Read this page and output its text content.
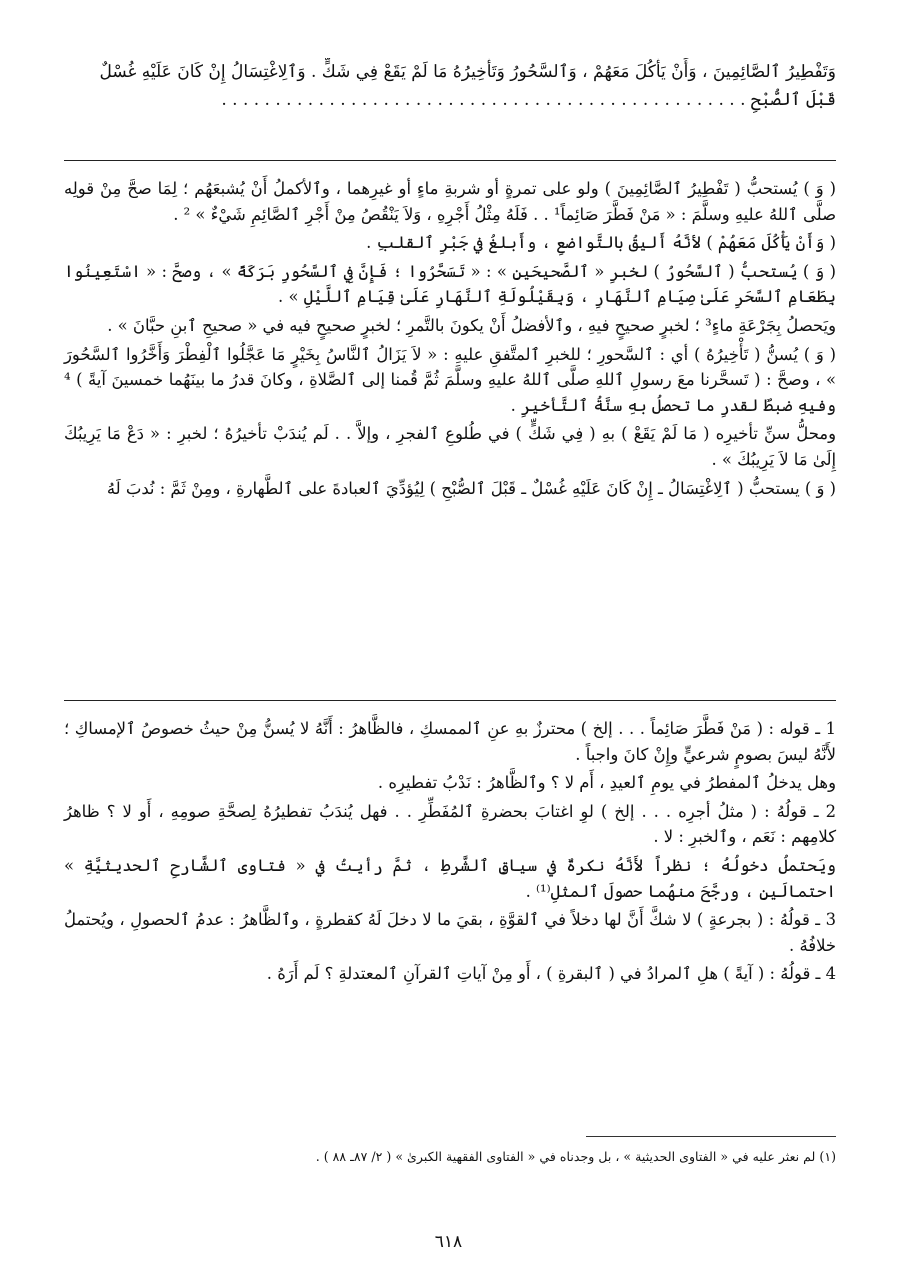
وَتَفْطِيرُ ٱلصَّائِمِينَ ، وَأَنْ يَأْكُلَ مَعَهُمْ ، وَٱلسَّحُورُ وَتَأْخِيرُهُ مَا لَمْ يَقَعْ فِي شَكٍّ . وَٱلِاغْتِسَالُ إِنْ كَانَ عَلَيْهِ غُسْلٌ
قَبْلَ ٱلصُّبْحِ . . . . . . . . . . . . . . . . . . . . . . . . . . . . . . . . . . . . . . . . . . . . . . . . .

( وَ ) يُستحبُّ ( تَفْطِيرُ ٱلصَّائِمِينَ ) ولو على تمرةٍ أو شربةِ ماءٍ أو غيرِهما ، وٱلأكملُ أَنْ يُشبعَهُم ؛ لِمَا صحَّ مِنْ قولِه صلَّى ٱللهُ عليهِ وسلَّمَ : « مَنْ فَطَّرَ صَائِماً¹ . . فَلَهُ مِثْلُ أَجْرِهِ ، وَلاَ يَنْقُصُ مِنْ أَجْرِ ٱلصَّائِمِ شَيْءٌ » ² .

( وَأَنْ يَأْكُلَ مَعَهُمْ ) لأنَّهُ أَليقُ بالتَّواضعِ ، وأَبلغُ في جَبْرِ ٱلقلبِ .

( وَ ) يُستحبُّ ( ٱلسَّحُورُ ) لخبرِ « ٱلصَّحيحَينِ » : « تَسَحَّرُوا ؛ فَإِنَّ فِي ٱلسَّحُورِ بَرَكَةً » ، وصحَّ : « اسْتَعِينُوا بِطَعَامِ ٱلسَّحَرِ عَلَىٰ صِيَامِ ٱلنَّهَارِ ، وَبِقَيْلُولَةِ ٱلنَّهَارِ عَلَىٰ قِيَامِ ٱللَّيْلِ » .

ويَحصلُ بِجَرْعَةِ ماءٍ³ ؛ لخبرٍ صحيحٍ فيهِ ، وٱلأفضلُ أَنْ يكونَ بالتَّمرِ ؛ لخبرٍ صحيحٍ فيه في « صحيحِ ٱبنِ حبَّانَ » .

( وَ ) يُسنُّ ( تَأْخِيرُهُ ) أي : ٱلسَّحورِ ؛ للخبرِ ٱلمتَّفقِ عليهِ : « لاَ يَزَالُ ٱلنَّاسُ بِخَيْرٍ مَا عَجَّلُوا ٱلْفِطْرَ وَأَخَّرُوا ٱلسَّحُورَ » ، وصحَّ : ( تَسحَّرنا معَ رسولِ ٱللهِ صلَّى ٱللهُ عليهِ وسلَّمَ ثُمَّ قُمنا إلى ٱلصَّلاةِ ، وكانَ قدرُ ما بينَهُما خمسينَ آيةً ) ⁴ وفيهِ ضبطٌ لقدرِ ما تحصلُ بهِ سنَّةُ ٱلتَّأخيرِ .

ومحلُّ سنِّ تأخيرِه ( مَا لَمْ يَقَعْ ) بهِ ( فِي شَكٍّ ) في طُلوعِ ٱلفجرِ ، وإلاَّ . . لَم يُندَبْ تأخيرُهُ ؛ لخبرِ : « دَعْ مَا يَرِيبُكَ إِلَىٰ مَا لاَ يَرِيبُكَ » .

( وَ ) يستحبُّ ( ٱلِاغْتِسَالُ ـ إِنْ كَانَ عَلَيْهِ غُسْلٌ ـ قَبْلَ ٱلصُّبْحِ ) لِيُؤدِّيَ ٱلعبادةَ على ٱلطَّهارةِ ، ومِنْ ثَمَّ : نُدبَ لَهُ

1 ـ قوله : ( مَنْ فَطَّرَ صَائِماً . . . إلخ ) محترزٌ بهِ عنِ ٱلممسكِ ، فالظَّاهرُ : أَنَّهُ لا يُسنُّ مِنْ حيثُ خصوصُ ٱلإمساكِ ؛ لأَنَّهُ ليسَ بصومٍ شرعيٍّ وإِنْ كانَ واجباً .

وهل يدخلُ ٱلمفطرُ في يومِ ٱلعيدِ ، أَم لا ؟ وٱلظَّاهرُ : نَدْبُ تفطيرِه .

2 ـ قولُهُ : ( مثلُ أجرِه . . . إلخ ) لوِ اغتابَ بحضرةِ ٱلمُفَطِّرِ . . فهل يُندَبُ تفطيرُهُ لِصحَّةِ صومِهِ ، أَو لا ؟ ظاهرُ كلامِهم : نَعَم ، وٱلخبرِ : لا .

ويَحتملُ دخولُهُ ؛ نظراً لأَنَّهُ نكرةٌ في سياقِ ٱلشَّرطِ ، ثمَّ رأيتُ في « فتاوى ٱلشَّارحِ ٱلحديثيَّةِ » احتمالَينِ ، ورجَّحَ منهُما حصولَ ٱلمثلِ⁽¹⁾ .

3 ـ قولُهُ : ( بجرعةٍ ) لا شكَّ أَنَّ لها دخلاً في ٱلقوَّةِ ، بقيَ ما لا دخلَ لَهُ كقطرةٍ ، وٱلظَّاهرُ : عدمُ ٱلحصولِ ، ويُحتملُ خلافُهُ .

4 ـ قولُهُ : ( آيةً ) هلِ ٱلمرادُ في ( ٱلبقرةِ ) ، أَو مِنْ آياتِ ٱلقرآنِ ٱلمعتدلةِ ؟ لَم أَرَهُ .

(١) لم نعثر عليه في « الفتاوى الحديثية » ، بل وجدناه في « الفتاوى الفقهية الكبرىٰ » ( ٢/ ٨٧ـ ٨٨ ) .
٦١٨
